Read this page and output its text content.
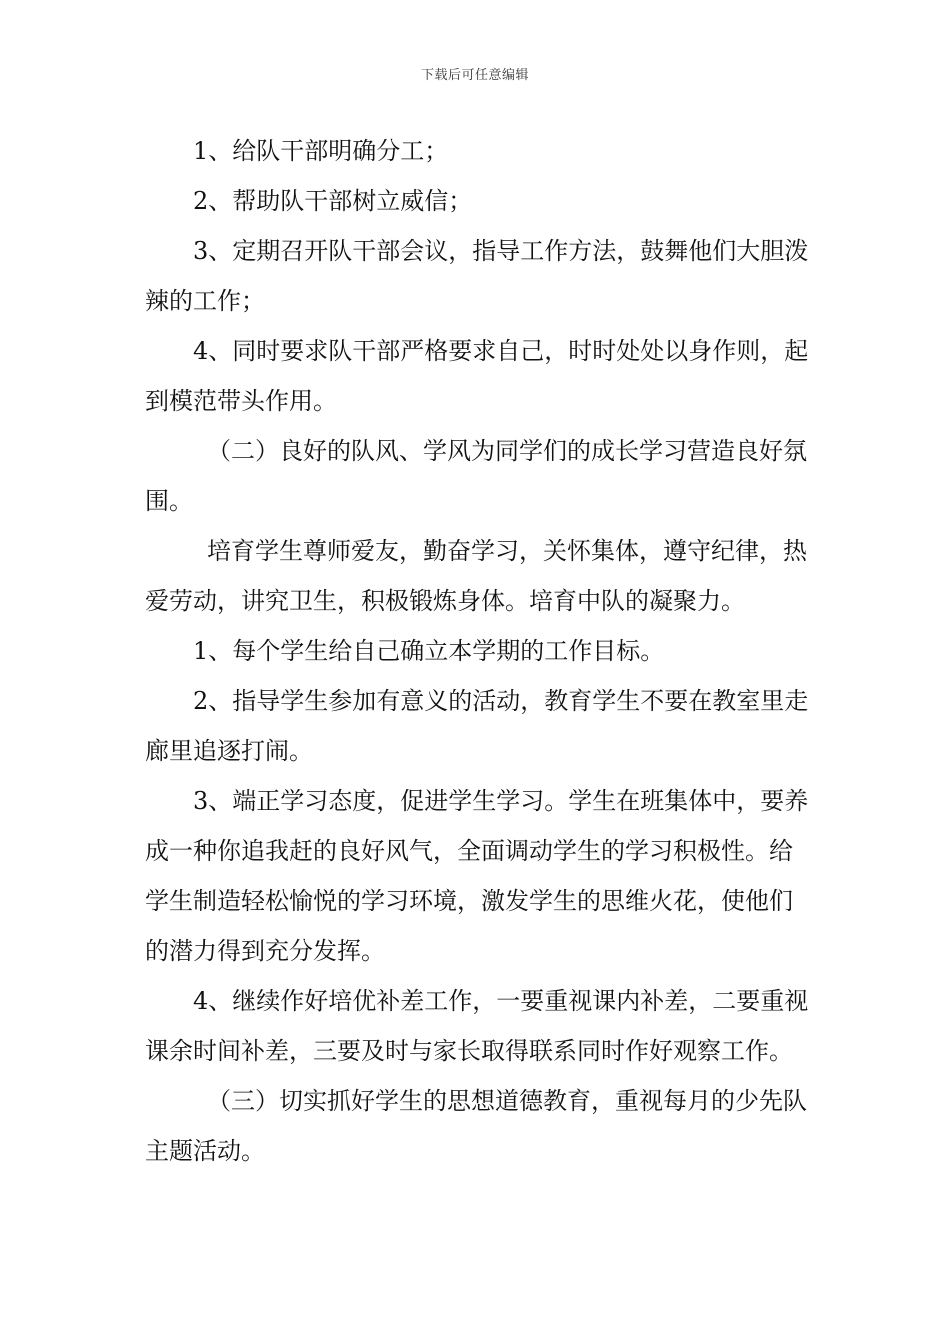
下载后可任意编辑

1、给队干部明确分工；

2、帮助队干部树立威信；

3、定期召开队干部会议，指导工作方法，鼓舞他们大胆泼辣的工作；

4、同时要求队干部严格要求自己，时时处处以身作则，起到模范带头作用。

（二）良好的队风、学风为同学们的成长学习营造良好氛围。

培育学生尊师爱友，勤奋学习，关怀集体，遵守纪律，热爱劳动，讲究卫生，积极锻炼身体。培育中队的凝聚力。

1、每个学生给自己确立本学期的工作目标。

2、指导学生参加有意义的活动，教育学生不要在教室里走廊里追逐打闹。

3、端正学习态度，促进学生学习。学生在班集体中，要养成一种你追我赶的良好风气，全面调动学生的学习积极性。给学生制造轻松愉悦的学习环境，激发学生的思维火花，使他们的潜力得到充分发挥。

4、继续作好培优补差工作，一要重视课内补差，二要重视课余时间补差，三要及时与家长取得联系同时作好观察工作。

（三）切实抓好学生的思想道德教育，重视每月的少先队主题活动。
